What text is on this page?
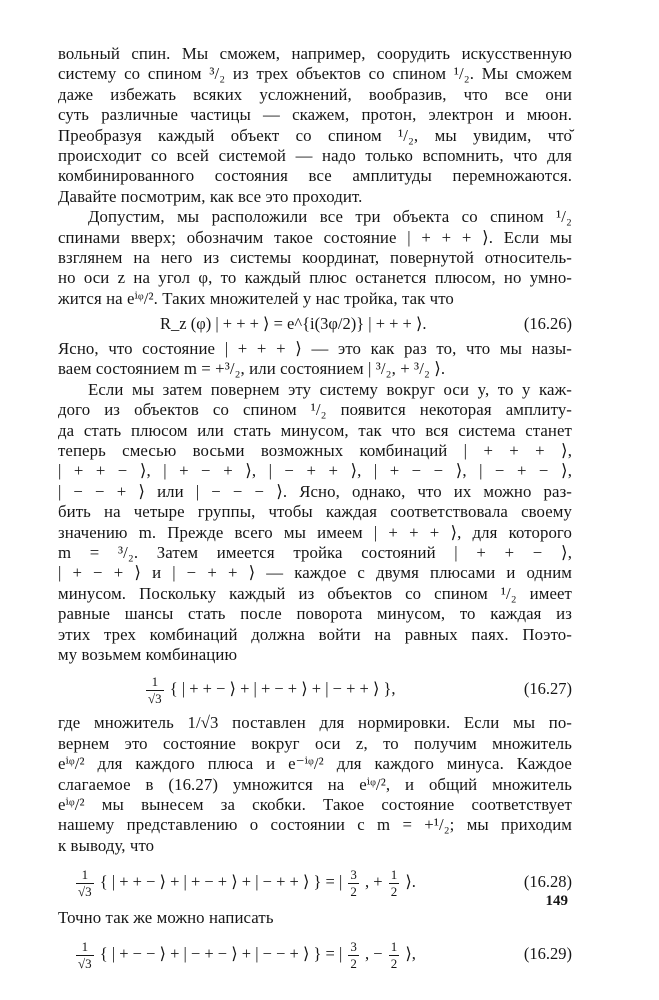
вольный спин. Мы сможем, например, соорудить искусственную
систему со спином ³/₂ из трех объектов со спином ¹/₂. Мы сможем
даже избежать всяких усложнений, вообразив, что все они
суть различные частицы — скажем, протон, электрон и мюон.
Преобразуя каждый объект со спином ¹/₂, мы увидим, что̆
происходит со всей системой — надо только вспомнить, что для
комбинированного состояния все амплитуды перемножаются.
Давайте посмотрим, как все это проходит.
Допустим, мы расположили все три объекта со спином ¹/₂
спинами вверх; обозначим такое состояние | + + + ⟩. Если мы
взглянем на него из системы координат, повернутой относитель-
но оси z на угол φ, то каждый плюс останется плюсом, но умно-
жится на eⁱᵠ/². Таких множителей у нас тройка, так что
R_z (φ) | + + + ⟩ = e^{i(3φ/2)} | + + + ⟩.	(16.26)
Ясно, что состояние | + + + ⟩ — это как раз то, что мы назы-
ваем состоянием m = +³/₂, или состоянием | ³/₂, + ³/₂ ⟩.
Если мы затем повернем эту систему вокруг оси y, то у каж-
дого из объектов со спином ¹/₂ появится некоторая амплиту-
да стать плюсом или стать минусом, так что вся система станет
теперь смесью восьми возможных комбинаций | + + + ⟩,
| + + − ⟩, | + − + ⟩, | − + + ⟩, | + − − ⟩, | − + − ⟩,
| − − + ⟩ или | − − − ⟩. Ясно, однако, что их можно раз-
бить на четыре группы, чтобы каждая соответствовала своему
значению m. Прежде всего мы имеем | + + + ⟩, для которого
m = ³/₂. Затем имеется тройка состояний | + + − ⟩,
| + − + ⟩ и | − + + ⟩ — каждое с двумя плюсами и одним
минусом. Поскольку каждый из объектов со спином ¹/₂ имеет
равные шансы стать после поворота минусом, то каждая из
этих трех комбинаций должна войти на равных паях. Поэто-
му возьмем комбинацию
$\frac{1}{√3}$ { | + + − ⟩ + | + − + ⟩ + | − + + ⟩ },	(16.27)
где множитель 1/√3 поставлен для нормировки. Если мы по-
вернем это состояние вокруг оси z, то получим множитель
eⁱᵠ/² для каждого плюса и e⁻ⁱᵠ/² для каждого минуса. Каждое
слагаемое в (16.27) умножится на eⁱᵠ/², и общий множитель
eⁱᵠ/² мы вынесем за скобки. Такое состояние соответствует
нашему представлению о состоянии с m = +¹/₂; мы приходим
к выводу, что
$\frac{1}{√3}$ { | + + − ⟩ + | + − + ⟩ + | − + + ⟩ } = | $\frac{3}{2}$ , + $\frac{1}{2}$ ⟩.	(16.28)
Точно так же можно написать
$\frac{1}{√3}$ { | + − − ⟩ + | − + − ⟩ + | − − + ⟩ } = | $\frac{3}{2}$ , − $\frac{1}{2}$ ⟩,	(16.29)
149
